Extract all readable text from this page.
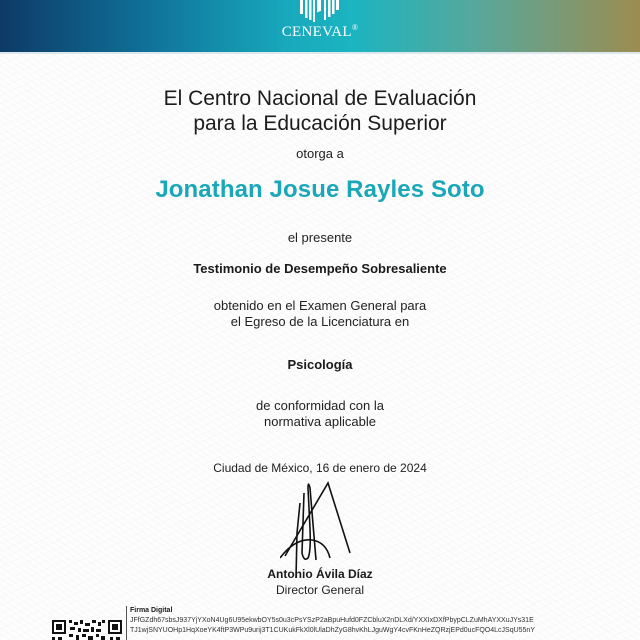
CENEVAL®
El Centro Nacional de Evaluación
para la Educación Superior
otorga a
Jonathan Josue Rayles Soto
el presente
Testimonio de Desempeño Sobresaliente
obtenido en el Examen General para
el Egreso de la Licenciatura en
Psicología
de conformidad con la
normativa aplicable
Ciudad de México, 16 de enero de 2024
Antonio Ávila Díaz
Director General
Firma Digital
JFfGZdh67sbsJ937YjYXoN4Ug6U95ekwbOY5s0u3cPsYSzP2aBpuHufd0FZCbluX2nDLXd/YXXIxDXfPbypCLZuMhAYXXuJYs31E
TJ1wjSNYUOHp1HqXoeYK4ftP3WPu9urij3T1CUKukFkXl0lUlaDhZyG8hvKhLJguWgY4cvFKnHeZQRzjEPd0ucFQO4LcJSqU55nY
